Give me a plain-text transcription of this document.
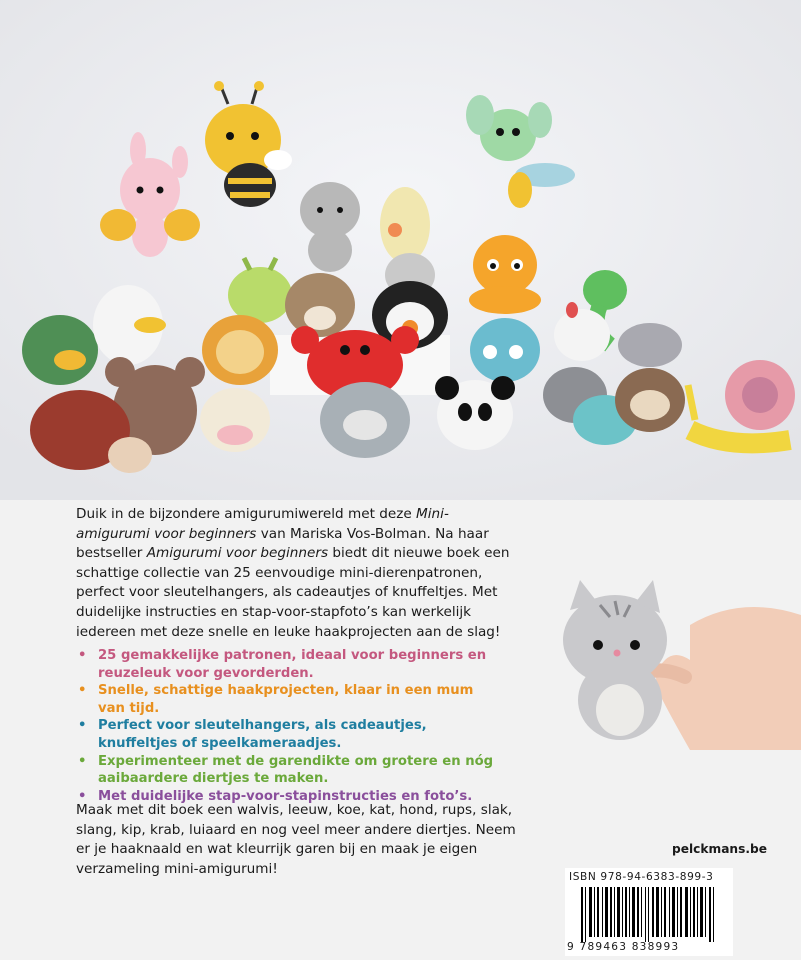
Duik in de bijzondere amigurumiwereld met deze Mini-amigurumi voor beginners van Mariska Vos-Bolman. Na haar bestseller Amigurumi voor beginners biedt dit nieuwe boek een schattige collectie van 25 eenvoudige mini-dierenpatronen, perfect voor sleutelhangers, als cadeautjes of knuffeltjes. Met duidelijke instructies en stap-voor-stapfoto’s kan werkelijk iedereen met deze snelle en leuke haakprojecten aan de slag!

• 25 gemakkelijke patronen, ideaal voor beginners en reuzeleuk voor gevorderden.
• Snelle, schattige haakprojecten, klaar in een mum van tijd.
• Perfect voor sleutelhangers, als cadeautjes, knuffeltjes of speelkameraadjes.
• Experimenteer met de garendikte om grotere en nóg aaibaardere diertjes te maken.
• Met duidelijke stap-voor-stapinstructies en foto’s.

Maak met dit boek een walvis, leeuw, koe, kat, hond, rups, slak, slang, kip, krab, luiaard en nog veel meer andere diertjes. Neem er je haaknaald en wat kleurrijk garen bij en maak je eigen verzameling mini-amigurumi!

pelckmans.be
ISBN 978-94-6383-899-3
9 789463 838993
